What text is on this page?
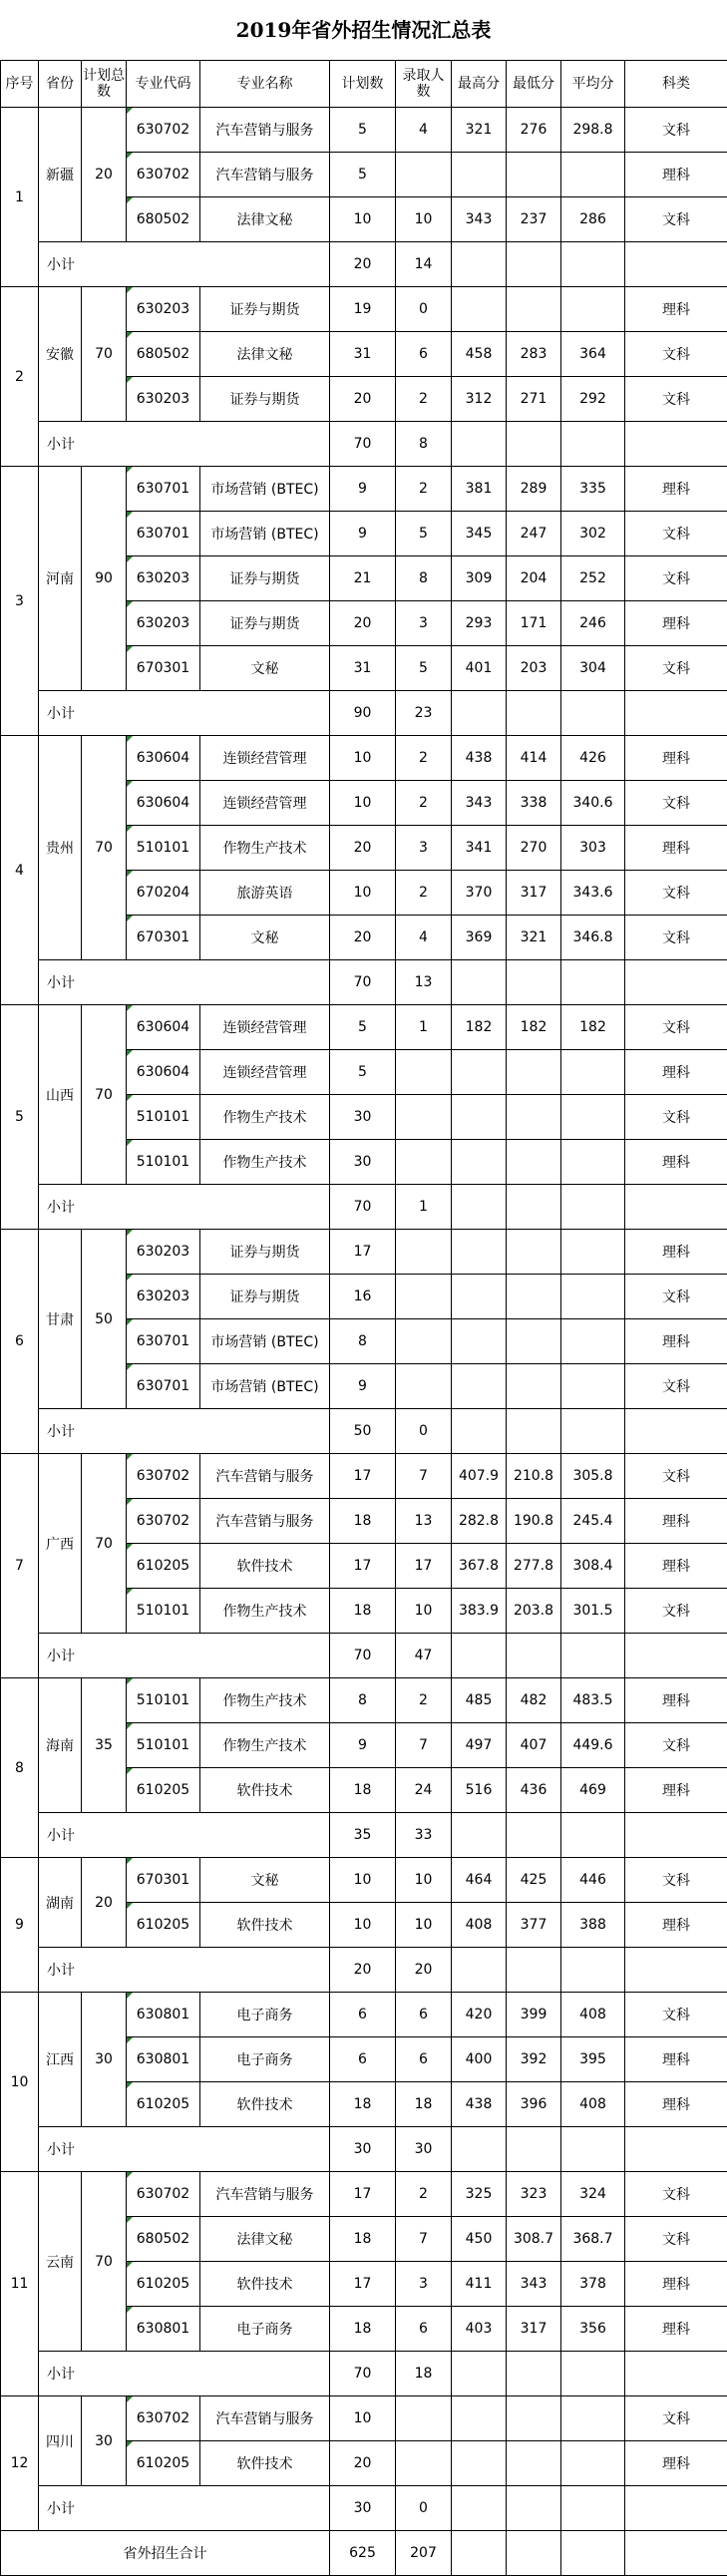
2019年省外招生情况汇总表
序号	省份	计划总数	专业代码	专业名称	计划数	录取人数	最高分	最低分	平均分	科类	
1	新疆	20	630702	汽车营销与服务	5	4	321	276	298.8	文科	
			630702	汽车营销与服务	5					理科	
			680502	法律文秘	10	10	343	237	286	文科	
	小计				20	14					
2	安徽	70	630203	证券与期货	19	0				理科	
			680502	法律文秘	31	6	458	283	364	文科	
			630203	证券与期货	20	2	312	271	292	文科	
	小计				70	8					
3	河南	90	630701	市场营销 (BTEC)	9	2	381	289	335	理科	
			630701	市场营销 (BTEC)	9	5	345	247	302	文科	
			630203	证券与期货	21	8	309	204	252	文科	
			630203	证券与期货	20	3	293	171	246	理科	
			670301	文秘	31	5	401	203	304	文科	
	小计				90	23					
4	贵州	70	630604	连锁经营管理	10	2	438	414	426	理科	
			630604	连锁经营管理	10	2	343	338	340.6	文科	
			510101	作物生产技术	20	3	341	270	303	理科	
			670204	旅游英语	10	2	370	317	343.6	文科	
			670301	文秘	20	4	369	321	346.8	文科	
	小计				70	13					
5	山西	70	630604	连锁经营管理	5	1	182	182	182	文科	
			630604	连锁经营管理	5					理科	
			510101	作物生产技术	30					文科	
			510101	作物生产技术	30					理科	
	小计				70	1					
6	甘肃	50	630203	证券与期货	17					理科	
			630203	证券与期货	16					文科	
			630701	市场营销 (BTEC)	8					理科	
			630701	市场营销 (BTEC)	9					文科	
	小计				50	0					
7	广西	70	630702	汽车营销与服务	17	7	407.9	210.8	305.8	文科	
			630702	汽车营销与服务	18	13	282.8	190.8	245.4	理科	
			610205	软件技术	17	17	367.8	277.8	308.4	理科	
			510101	作物生产技术	18	10	383.9	203.8	301.5	文科	
	小计				70	47					
8	海南	35	510101	作物生产技术	8	2	485	482	483.5	理科	
			510101	作物生产技术	9	7	497	407	449.6	文科	
			610205	软件技术	18	24	516	436	469	理科	
	小计				35	33					
9	湖南	20	670301	文秘	10	10	464	425	446	文科	
			610205	软件技术	10	10	408	377	388	理科	
	小计				20	20					
10	江西	30	630801	电子商务	6	6	420	399	408	文科	
			630801	电子商务	6	6	400	392	395	理科	
			610205	软件技术	18	18	438	396	408	理科	
	小计				30	30					
11	云南	70	630702	汽车营销与服务	17	2	325	323	324	文科	
			680502	法律文秘	18	7	450	308.7	368.7	文科	
			610205	软件技术	17	3	411	343	378	理科	
			630801	电子商务	18	6	403	317	356	理科	
	小计				70	18					
12	四川	30	630702	汽车营销与服务	10					文科	
			610205	软件技术	20					理科	
	小计				30	0					
省外招生合计					625	207					
